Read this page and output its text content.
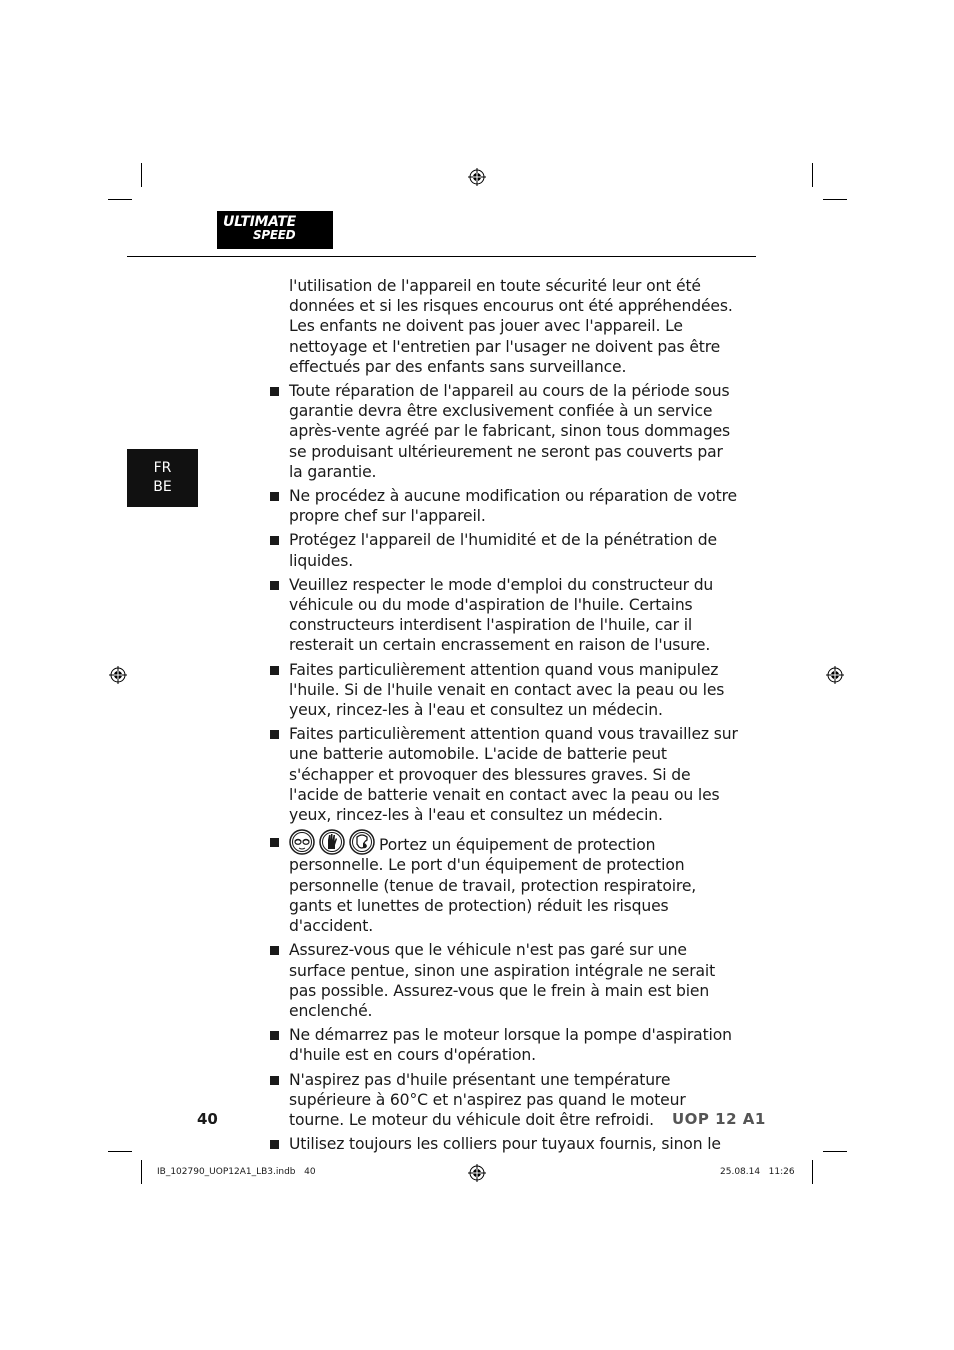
ULTIMATE
SPEED
FR
BE

l'utilisation de l'appareil en toute sécurité leur ont été données et si les risques encourus ont été appréhendées. Les enfants ne doivent pas jouer avec l'appareil. Le nettoyage et l'entretien par l'usager ne doivent pas être effectués par des enfants sans surveillance.

Toute réparation de l'appareil au cours de la période sous garantie devra être exclusivement confiée à un service après-vente agréé par le fabricant, sinon tous dommages se produisant ultérieurement ne seront pas couverts par la garantie.

Ne procédez à aucune modification ou réparation de votre propre chef sur l'appareil.

Protégez l'appareil de l'humidité et de la pénétration de liquides.

Veuillez respecter le mode d'emploi du constructeur du véhicule ou du mode d'aspiration de l'huile. Certains constructeurs interdisent l'aspiration de l'huile, car il resterait un certain encrassement en raison de l'usure.

Faites particulièrement attention quand vous manipulez l'huile. Si de l'huile venait en contact avec la peau ou les yeux, rincez-les à l'eau et consultez un médecin.

Faites particulièrement attention quand vous travaillez sur une batterie automobile. L'acide de batterie peut s'échapper et provoquer des blessures graves. Si de l'acide de batterie venait en contact avec la peau ou les yeux, rincez-les à l'eau et consultez un médecin.

Portez un équipement de protection personnelle. Le port d'un équipement de protection personnelle (tenue de travail, protection respiratoire, gants et lunettes de protection) réduit les risques d'accident.

Assurez-vous que le véhicule n'est pas garé sur une surface pentue, sinon une aspiration intégrale ne serait pas possible. Assurez-vous que le frein à main est bien enclenché.

Ne démarrez pas le moteur lorsque la pompe d'aspiration d'huile est en cours d'opération.

N'aspirez pas d'huile présentant une température supérieure à 60°C et n'aspirez pas quand le moteur tourne. Le moteur du véhicule doit être refroidi.

Utilisez toujours les colliers pour tuyaux fournis, sinon le

40	UOP 12 A1
IB_102790_UOP12A1_LB3.indb   40	25.08.14   11:26
